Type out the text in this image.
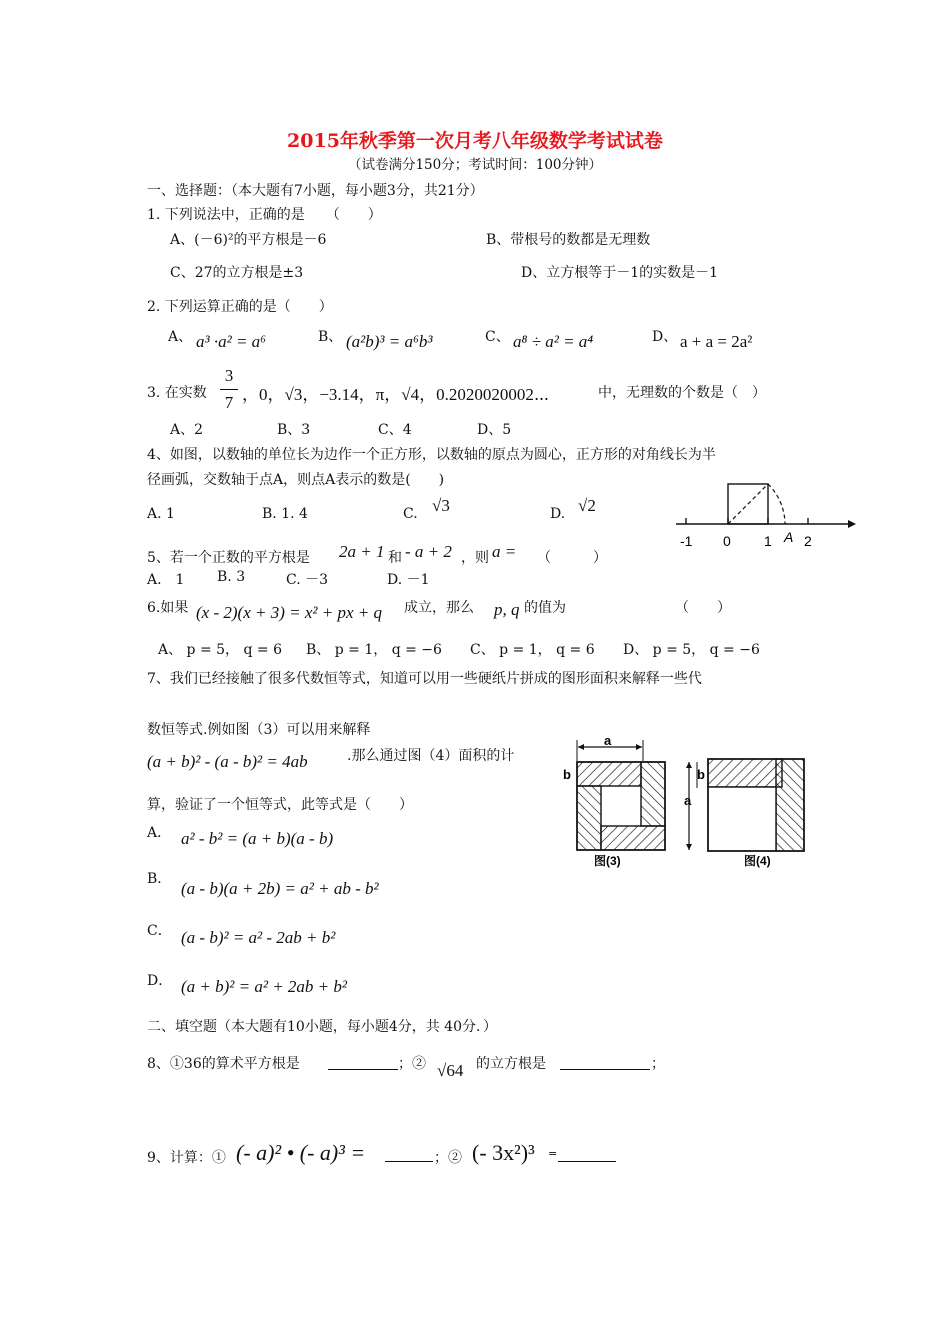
2015年秋季第一次月考八年级数学考试试卷
（试卷满分150分；考试时间：100分钟）
一、选择题：（本大题有7小题，每小题3分，共21分）
1. 下列说法中，正确的是　　（　　）
A、(－6)²的平方根是－6	B、带根号的数都是无理数
C、27的立方根是±3	D、立方根等于－1的实数是－1
2. 下列运算正确的是（　　）
A、 a³ ·a² = a⁶	B、 (a²b)³ = a⁶b³	C、 a⁸ ÷ a² = a⁴	D、 a + a = 2a²
3. 在实数
3
7 ，0，√3，−3.14，π，√4，0.2020020002⋯	中，无理数的个数是（　）
A、2	B、3	C、4	D、5
4、如图，以数轴的单位长为边作一个正方形，以数轴的原点为圆心，正方形的对角线长为半
径画弧，交数轴于点A，则点A表示的数是(　　)
A. 1	B. 1. 4	C. √3	D. √2
-1 0 1 A 2
5、若一个正数的平方根是 2a + 1 和 - a + 2 ，则 a = （　　　）
A.　1 B. 3	C. －3	D. －1
6.如果 (x - 2)(x + 3) = x² + px + q 成立，那么 p, q 的值为	（　　）
A、 p = 5， q = 6 B、 p = 1， q = −6 C、 p = 1， q = 6 D、 p = 5， q = −6
7、我们已经接触了很多代数恒等式，知道可以用一些硬纸片拼成的图形面积来解释一些代
数恒等式.例如图（3）可以用来解释
(a + b)² - (a - b)² = 4ab	.那么通过图（4）面积的计
算，验证了一个恒等式，此等式是（　　）
A． a² - b² = (a + b)(a - b)
B． (a - b)(a + 2b) = a² + ab - b²
C． (a - b)² = a² - 2ab + b²
D． (a + b)² = a² + 2ab + b²
a
b
图(3)
a
b
图(4)
二、填空题（本大题有10小题，每小题4分，共 40分．）
8、①36的算术平方根是	；② √64 的立方根是	；
9、计算：① (- a)² • (- a)³ =	；② (- 3x²)³ =
